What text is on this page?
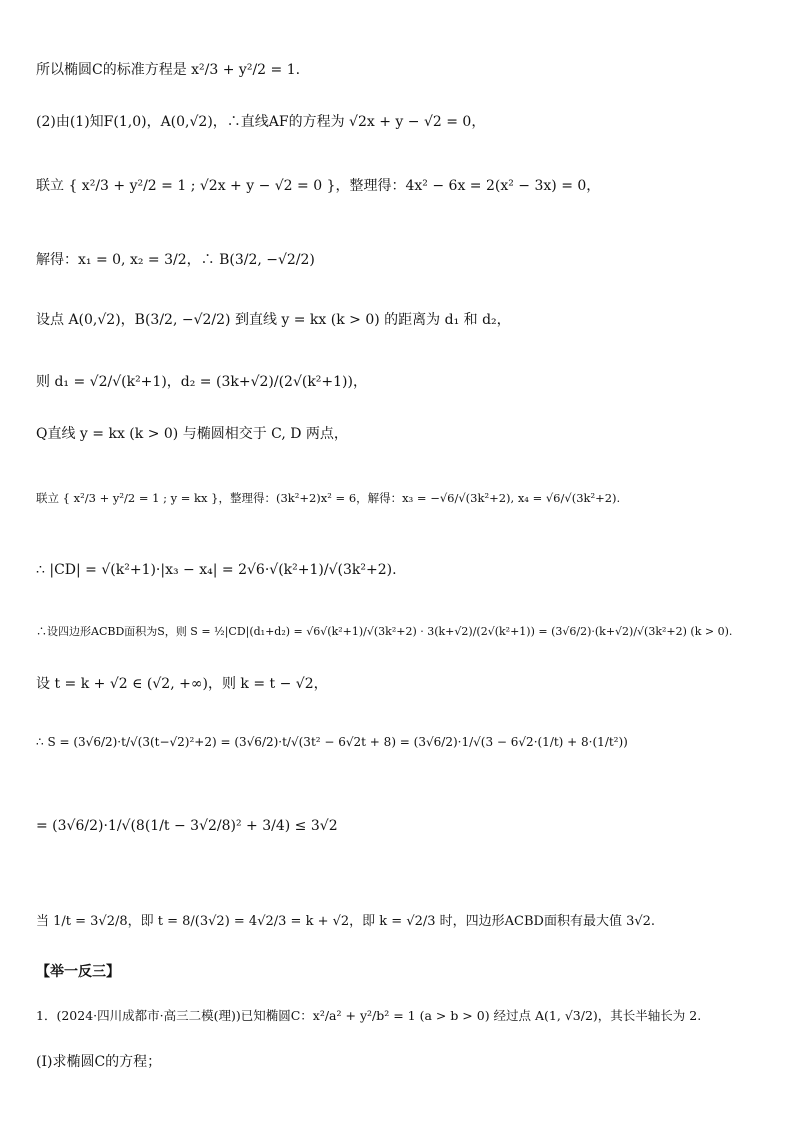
所以椭圆C的标准方程是 x²/3 + y²/2 = 1.
(2)由(1)知F(1,0)，A(0,√2)，∴直线AF的方程为 √2x + y − √2 = 0，
联立 { x²/3 + y²/2 = 1 ; √2x + y − √2 = 0 }，整理得：4x² − 6x = 2(x² − 3x) = 0，
解得：x₁ = 0, x₂ = 3/2，∴ B(3/2, −√2/2)
设点 A(0,√2)，B(3/2, −√2/2) 到直线 y = kx (k > 0) 的距离为 d₁ 和 d₂，
则 d₁ = √2/√(k²+1)，d₂ = (3k+√2)/(2√(k²+1))，
Q直线 y = kx (k > 0) 与椭圆相交于 C, D 两点，
联立 { x²/3 + y²/2 = 1 ; y = kx }，整理得：(3k²+2)x² = 6，解得：x₃ = −√6/√(3k²+2), x₄ = √6/√(3k²+2).
∴ |CD| = √(k²+1)·|x₃ − x₄| = 2√6·√(k²+1)/√(3k²+2).
∴设四边形ACBD面积为S，则 S = ½|CD|(d₁+d₂) = √6√(k²+1)/√(3k²+2) · 3(k+√2)/(2√(k²+1)) = (3√6/2)·(k+√2)/√(3k²+2) (k > 0).
设 t = k + √2 ∈ (√2, +∞)，则 k = t − √2，
∴ S = (3√6/2)·t/√(3(t−√2)²+2) = (3√6/2)·t/√(3t² − 6√2t + 8) = (3√6/2)·1/√(3 − 6√2·(1/t) + 8·(1/t²))
= (3√6/2)·1/√(8(1/t − 3√2/8)² + 3/4) ≤ 3√2
当 1/t = 3√2/8，即 t = 8/(3√2) = 4√2/3 = k + √2，即 k = √2/3 时，四边形ACBD面积有最大值 3√2.
【举一反三】
1．(2024·四川成都市·高三二模(理))已知椭圆C：x²/a² + y²/b² = 1 (a > b > 0) 经过点 A(1, √3/2)，其长半轴长为 2.
(Ⅰ)求椭圆C的方程；
